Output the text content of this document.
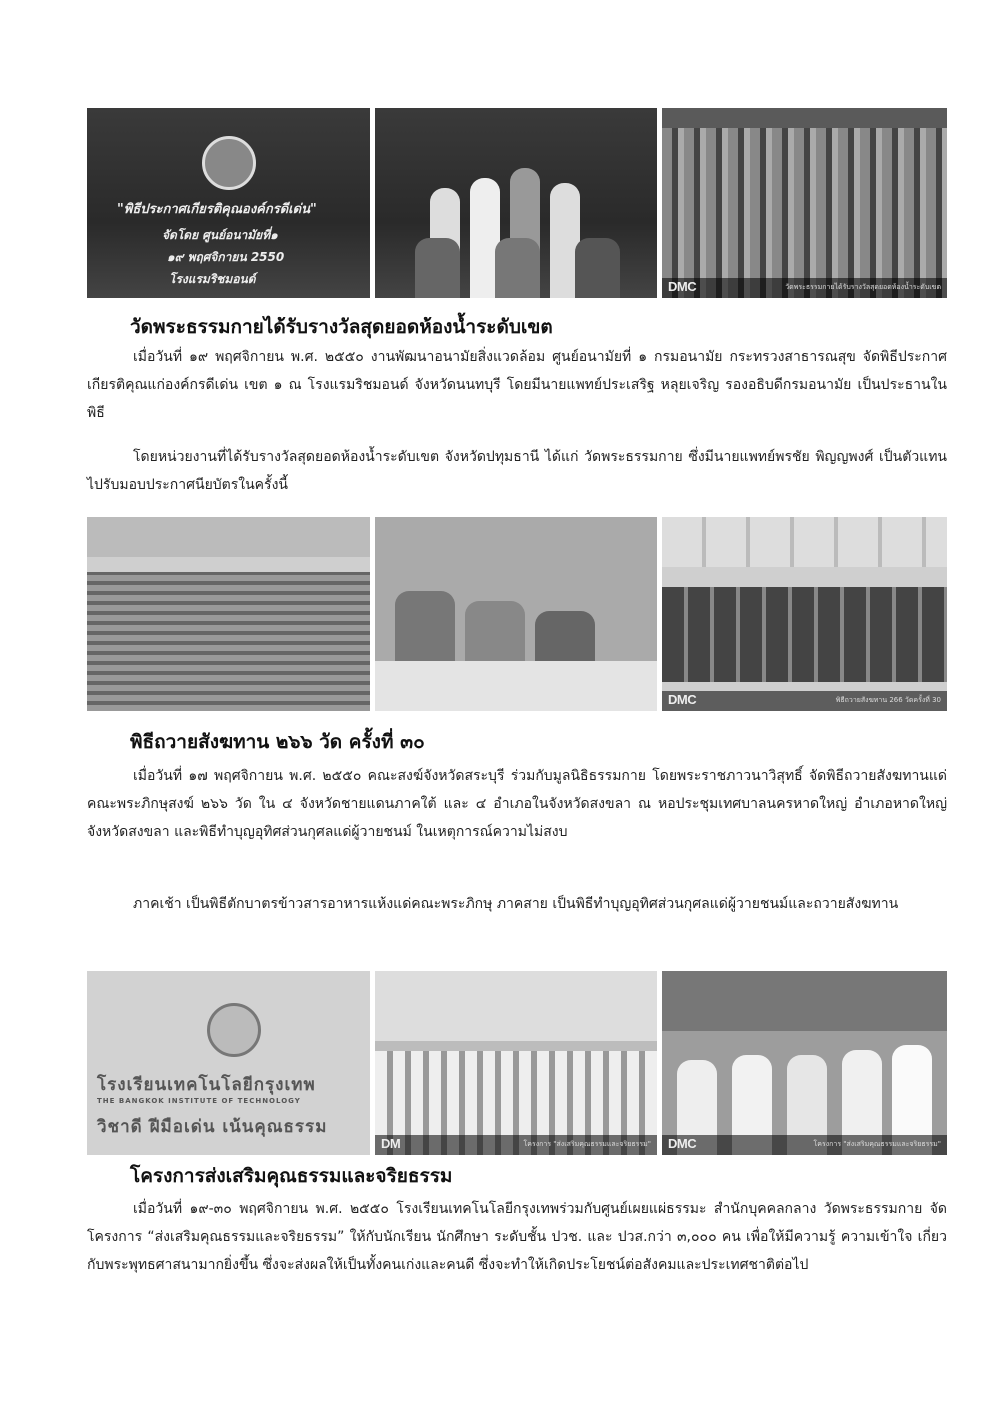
"พิธีประกาศเกียรติคุณองค์กรดีเด่น"
จัดโดย ศูนย์อนามัยที่๑
๑๙ พฤศจิกายน 2550
โรงแรมริชมอนด์	DMC	วัดพระธรรมกายได้รับรางวัลสุดยอดห้องน้ำระดับเขต
วัดพระธรรมกายได้รับรางวัลสุดยอดห้องน้ำระดับเขต

เมื่อวันที่ ๑๙ พฤศจิกายน พ.ศ. ๒๕๕๐ งานพัฒนาอนามัยสิ่งแวดล้อม ศูนย์อนามัยที่ ๑ กรมอนามัย กระทรวงสาธารณสุข จัดพิธีประกาศเกียรติคุณแก่องค์กรดีเด่น เขต ๑ ณ โรงแรมริชมอนด์ จังหวัดนนทบุรี โดยมีนายแพทย์ประเสริฐ หลุยเจริญ รองอธิบดีกรมอนามัย เป็นประธานในพิธี

โดยหน่วยงานที่ได้รับรางวัลสุดยอดห้องน้ำระดับเขต จังหวัดปทุมธานี ได้แก่ วัดพระธรรมกาย ซึ่งมีนายแพทย์พรชัย พิญญพงศ์ เป็นตัวแทนไปรับมอบประกาศนียบัตรในครั้งนี้

DMC	พิธีถวายสังฆทาน 266 วัดครั้งที่ 30
พิธีถวายสังฆทาน ๒๖๖ วัด ครั้งที่ ๓๐

เมื่อวันที่ ๑๗ พฤศจิกายน พ.ศ. ๒๕๕๐ คณะสงฆ์จังหวัดสระบุรี ร่วมกับมูลนิธิธรรมกาย โดยพระราชภาวนาวิสุทธิ์ จัดพิธีถวายสังฆทานแด่คณะพระภิกษุสงฆ์ ๒๖๖ วัด ใน ๔ จังหวัดชายแดนภาคใต้ และ ๔ อำเภอในจังหวัดสงขลา ณ หอประชุมเทศบาลนครหาดใหญ่ อำเภอหาดใหญ่ จังหวัดสงขลา และพิธีทำบุญอุทิศส่วนกุศลแด่ผู้วายชนม์ ในเหตุการณ์ความไม่สงบ

ภาคเช้า เป็นพิธีตักบาตรข้าวสารอาหารแห้งแด่คณะพระภิกษุ ภาคสาย เป็นพิธีทำบุญอุทิศส่วนกุศลแด่ผู้วายชนม์และถวายสังฆทาน

โรงเรียนเทคโนโลยีกรุงเทพ
THE BANGKOK INSTITUTE OF TECHNOLOGY
วิชาดี ฝีมือเด่น เน้นคุณธรรม
DM	โครงการ "ส่งเสริมคุณธรรมและจริยธรรม" DMC	โครงการ "ส่งเสริมคุณธรรมและจริยธรรม"
โครงการส่งเสริมคุณธรรมและจริยธรรม

เมื่อวันที่ ๑๙-๓๐ พฤศจิกายน พ.ศ. ๒๕๕๐ โรงเรียนเทคโนโลยีกรุงเทพร่วมกับศูนย์เผยแผ่ธรรมะ สำนักบุคคลกลาง วัดพระธรรมกาย จัดโครงการ “ส่งเสริมคุณธรรมและจริยธรรม” ให้กับนักเรียน นักศึกษา ระดับชั้น ปวช. และ ปวส.กว่า ๓,๐๐๐ คน เพื่อให้มีความรู้ ความเข้าใจ เกี่ยวกับพระพุทธศาสนามากยิ่งขึ้น ซึ่งจะส่งผลให้เป็นทั้งคนเก่งและคนดี ซึ่งจะทำให้เกิดประโยชน์ต่อสังคมและประเทศชาติต่อไป
